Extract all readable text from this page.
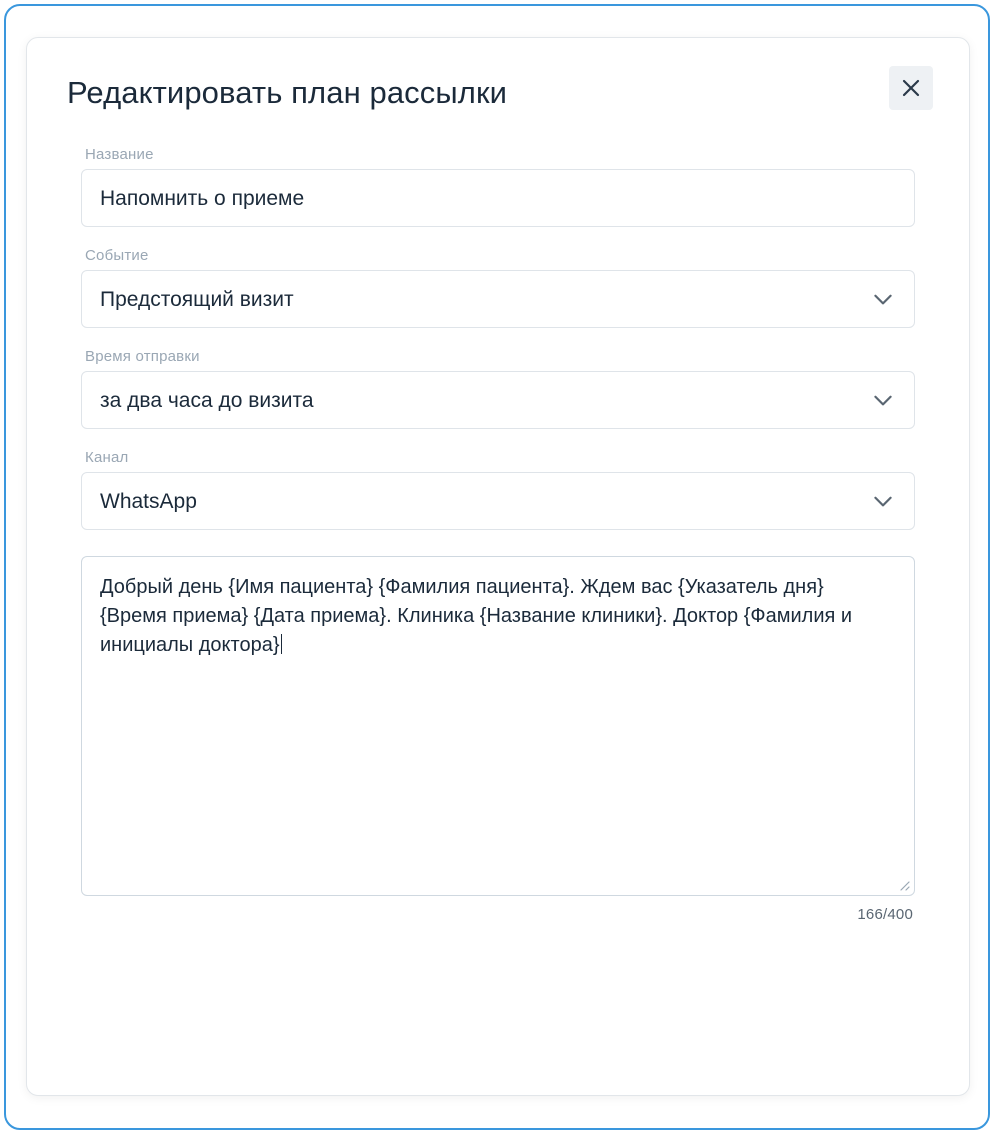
Редактировать план рассылки
Название
Напомнить о приеме
Событие
Предстоящий визит
Время отправки
за два часа до визита
Канал
WhatsApp

Добрый день {Имя пациента} {Фамилия пациента}. Ждем вас {Указатель дня} {Время приема} {Дата приема}. Клиника {Название клиники}. Доктор {Фамилия и инициалы доктора}

166/400
